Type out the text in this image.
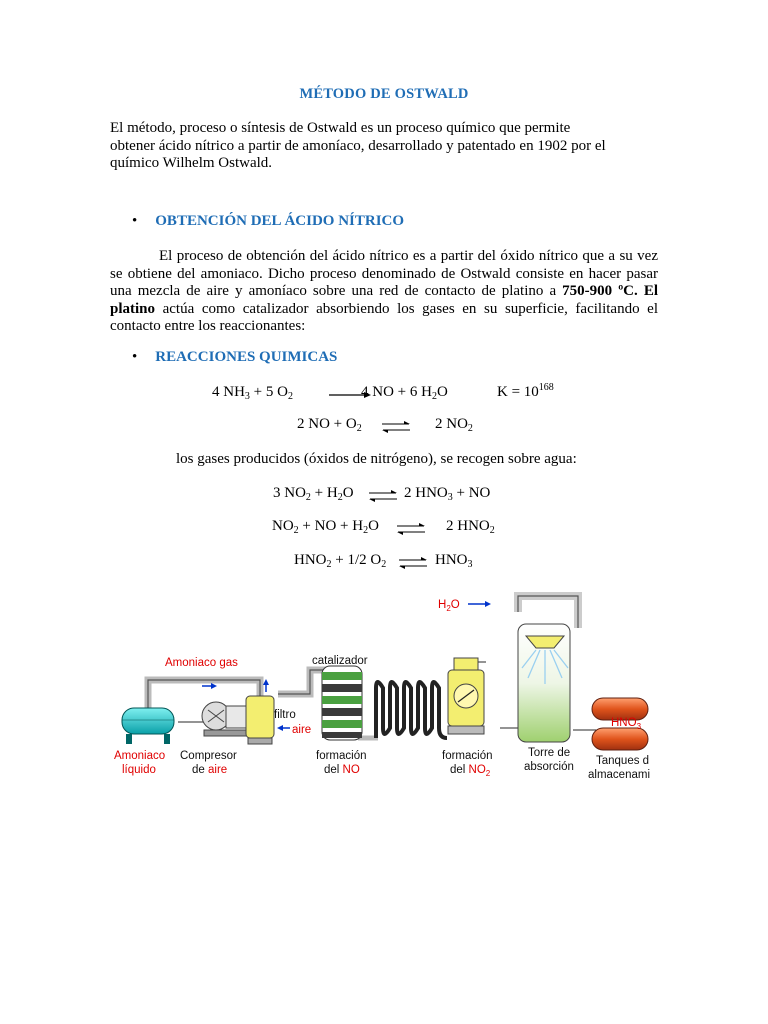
MÉTODO DE OSTWALD
El método, proceso o síntesis de Ostwald es un proceso químico que permite
obtener ácido nítrico a partir de amoníaco, desarrollado y patentado en 1902 por el
químico Wilhelm Ostwald.
• OBTENCIÓN DEL ÁCIDO NÍTRICO
El proceso de obtención del ácido nítrico es a partir del óxido nítrico que a su vez se obtiene del amoniaco. Dicho proceso denominado de Ostwald consiste en hacer pasar una mezcla de aire y amoníaco sobre una red de contacto de platino a 750-900 ºC. El platino actúa como catalizador absorbiendo los gases en su superficie, facilitando el contacto entre los reaccionantes:
• REACCIONES QUIMICAS
4 $NH_3 + 5$ $O_2$	4 NO + 6 $H_2O$	$K = 10^{168}$
2 NO + $O_2$ ⇌ 2 $NO_2$
los gases producidos (óxidos de nitrógeno), se recogen sobre agua:
3 $NO_2 + H_2O$ ⇌ 2 $HNO_3$ + NO
$NO_2$ + NO + $H_2O$ ⇌ 2 $HNO_2$
$HNO_2 + 1/2$ $O_2$ ⇌ $HNO_3$
Amoniaco gas	catalizador
$H_2O$
filtro
aire
$HNO_3$
Amoniaco
líquido
Compresor
de aire
formación
del NO
formación
del $NO_2$
Torre de
absorción Tanques d
almacenami
